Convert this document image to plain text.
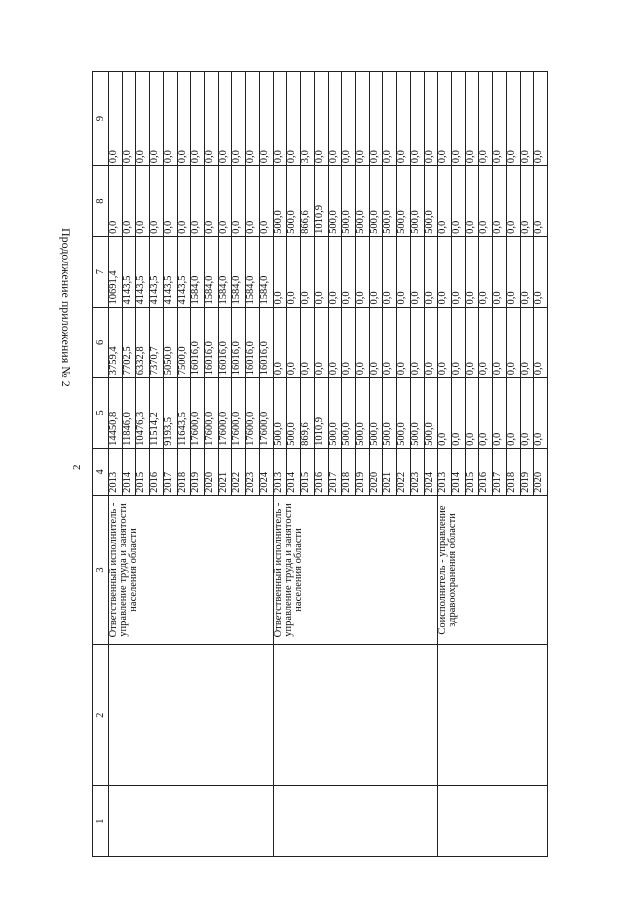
2
Продолжение приложения № 2
1	2	3	4	5	6	7	8	9
		Ответственный исполнитель - управление труда и занятости населения области	2013	14450,8	3759,4	10691,4	0,0	0,0
			2014	11846,0	7702,5	4143,5	0,0	0,0
			2015	10476,3	6332,8	4143,5	0,0	0,0
			2016	11514,2	7370,7	4143,5	0,0	0,0
			2017	9193,5	5050,0	4143,5	0,0	0,0
			2018	11643,5	7500,0	4143,5	0,0	0,0
			2019	17600,0	16016,0	1584,0	0,0	0,0
			2020	17600,0	16016,0	1584,0	0,0	0,0
			2021	17600,0	16016,0	1584,0	0,0	0,0
			2022	17600,0	16016,0	1584,0	0,0	0,0
			2023	17600,0	16016,0	1584,0	0,0	0,0
			2024	17600,0	16016,0	1584,0	0,0	0,0
		Ответственный исполнитель - управление труда и занятости населения области	2013	500,0	0,0	0,0	500,0	0,0
			2014	500,0	0,0	0,0	500,0	0,0
			2015	869,6	0,0	0,0	866,6	3,0
			2016	1010,9	0,0	0,0	1010,9	0,0
			2017	500,0	0,0	0,0	500,0	0,0
			2018	500,0	0,0	0,0	500,0	0,0
			2019	500,0	0,0	0,0	500,0	0,0
			2020	500,0	0,0	0,0	500,0	0,0
			2021	500,0	0,0	0,0	500,0	0,0
			2022	500,0	0,0	0,0	500,0	0,0
			2023	500,0	0,0	0,0	500,0	0,0
			2024	500,0	0,0	0,0	500,0	0,0
		Соисполнитель - управление здравоохранения области	2013	0,0	0,0	0,0	0,0	0,0
			2014	0,0	0,0	0,0	0,0	0,0
			2015	0,0	0,0	0,0	0,0	0,0
			2016	0,0	0,0	0,0	0,0	0,0
			2017	0,0	0,0	0,0	0,0	0,0
			2018	0,0	0,0	0,0	0,0	0,0
			2019	0,0	0,0	0,0	0,0	0,0
			2020	0,0	0,0	0,0	0,0	0,0
